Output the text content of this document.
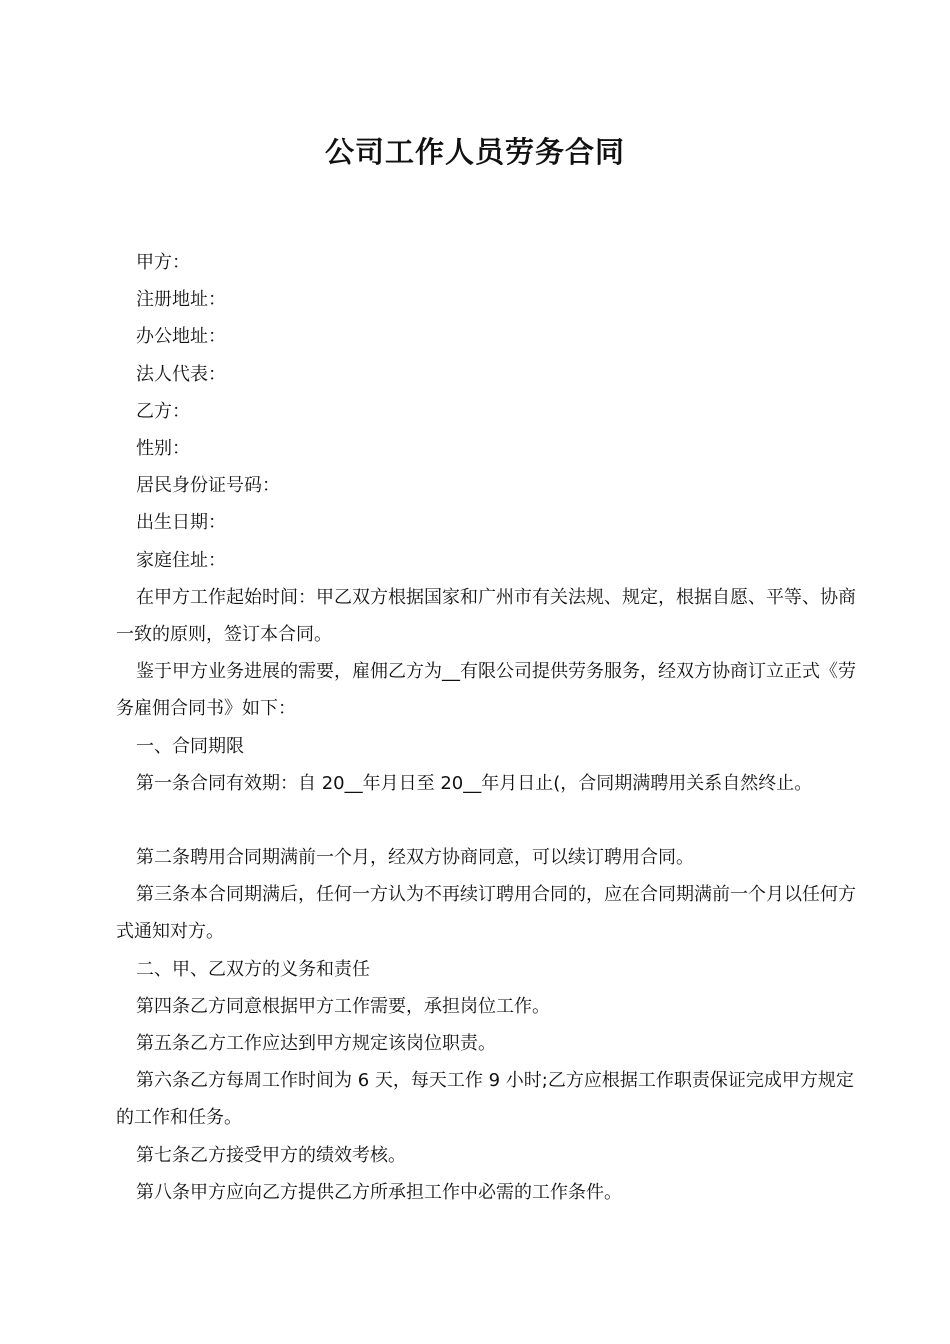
公司工作人员劳务合同

甲方：

注册地址：

办公地址：

法人代表：

乙方：

性别：

居民身份证号码：

出生日期：

家庭住址：

在甲方工作起始时间：甲乙双方根据国家和广州市有关法规、规定，根据自愿、平等、协商一致的原则，签订本合同。

鉴于甲方业务进展的需要，雇佣乙方为__有限公司提供劳务服务，经双方协商订立正式《劳务雇佣合同书》如下：

一、合同期限

第一条合同有效期：自 20__年月日至 20__年月日止(，合同期满聘用关系自然终止。

第二条聘用合同期满前一个月，经双方协商同意，可以续订聘用合同。

第三条本合同期满后，任何一方认为不再续订聘用合同的，应在合同期满前一个月以任何方式通知对方。

二、甲、乙双方的义务和责任

第四条乙方同意根据甲方工作需要，承担岗位工作。

第五条乙方工作应达到甲方规定该岗位职责。

第六条乙方每周工作时间为 6 天，每天工作 9 小时;乙方应根据工作职责保证完成甲方规定的工作和任务。

第七条乙方接受甲方的绩效考核。

第八条甲方应向乙方提供乙方所承担工作中必需的工作条件。
